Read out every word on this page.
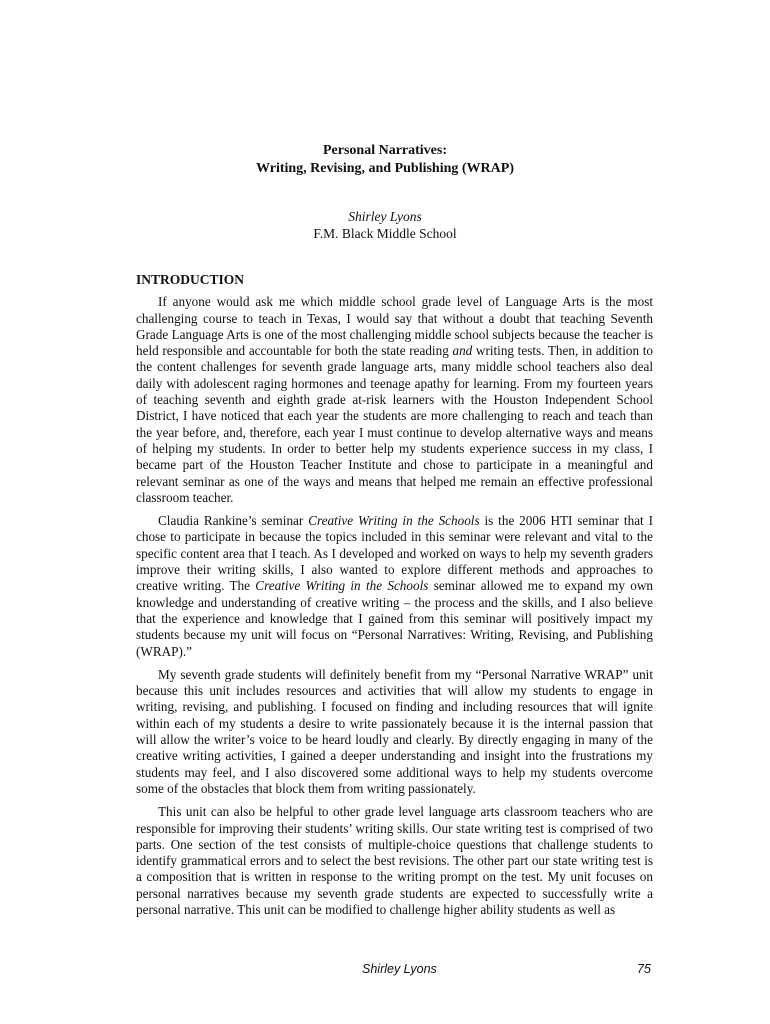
Personal Narratives:
Writing, Revising, and Publishing (WRAP)
Shirley Lyons
F.M. Black Middle School
INTRODUCTION

If anyone would ask me which middle school grade level of Language Arts is the most challenging course to teach in Texas, I would say that without a doubt that teaching Seventh Grade Language Arts is one of the most challenging middle school subjects because the teacher is held responsible and accountable for both the state reading and writing tests. Then, in addition to the content challenges for seventh grade language arts, many middle school teachers also deal daily with adolescent raging hormones and teenage apathy for learning. From my fourteen years of teaching seventh and eighth grade at-risk learners with the Houston Independent School District, I have noticed that each year the students are more challenging to reach and teach than the year before, and, therefore, each year I must continue to develop alternative ways and means of helping my students. In order to better help my students experience success in my class, I became part of the Houston Teacher Institute and chose to participate in a meaningful and relevant seminar as one of the ways and means that helped me remain an effective professional classroom teacher.

Claudia Rankine’s seminar Creative Writing in the Schools is the 2006 HTI seminar that I chose to participate in because the topics included in this seminar were relevant and vital to the specific content area that I teach. As I developed and worked on ways to help my seventh graders improve their writing skills, I also wanted to explore different methods and approaches to creative writing. The Creative Writing in the Schools seminar allowed me to expand my own knowledge and understanding of creative writing – the process and the skills, and I also believe that the experience and knowledge that I gained from this seminar will positively impact my students because my unit will focus on “Personal Narratives: Writing, Revising, and Publishing (WRAP).”

My seventh grade students will definitely benefit from my “Personal Narrative WRAP” unit because this unit includes resources and activities that will allow my students to engage in writing, revising, and publishing. I focused on finding and including resources that will ignite within each of my students a desire to write passionately because it is the internal passion that will allow the writer’s voice to be heard loudly and clearly. By directly engaging in many of the creative writing activities, I gained a deeper understanding and insight into the frustrations my students may feel, and I also discovered some additional ways to help my students overcome some of the obstacles that block them from writing passionately.

This unit can also be helpful to other grade level language arts classroom teachers who are responsible for improving their students’ writing skills. Our state writing test is comprised of two parts. One section of the test consists of multiple-choice questions that challenge students to identify grammatical errors and to select the best revisions. The other part our state writing test is a composition that is written in response to the writing prompt on the test. My unit focuses on personal narratives because my seventh grade students are expected to successfully write a personal narrative. This unit can be modified to challenge higher ability students as well as

Shirley Lyons	75
